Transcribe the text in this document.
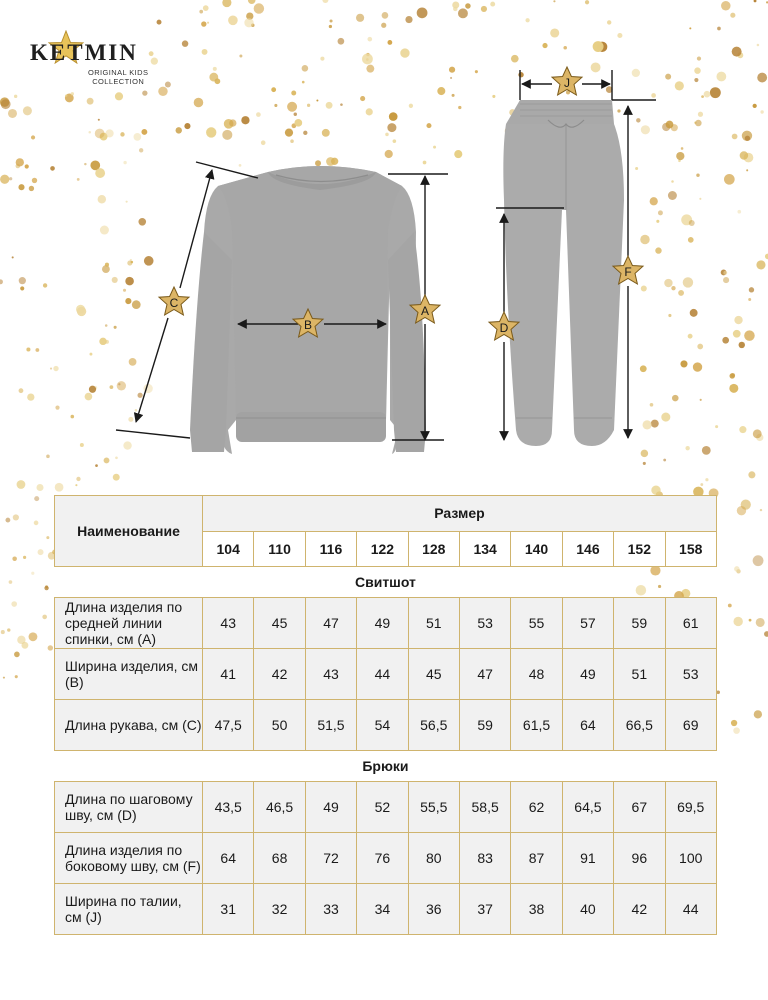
KETMIN
ORIGINAL KIDS
COLLECTION
B
A
C
D
F
J
Наименование	Размер									
	104	110	116	122	128	134	140	146	152	158
Свитшот										
Длина изделия по средней линии спинки, см (А)	43	45	47	49	51	53	55	57	59	61
Ширина изделия, см (В)	41	42	43	44	45	47	48	49	51	53
Длина рукава, см (С)	47,5	50	51,5	54	56,5	59	61,5	64	66,5	69
Брюки										
Длина по шаговому шву, см (D)	43,5	46,5	49	52	55,5	58,5	62	64,5	67	69,5
Длина изделия по боковому шву, см (F)	64	68	72	76	80	83	87	91	96	100
Ширина по талии, см (J)	31	32	33	34	36	37	38	40	42	44
